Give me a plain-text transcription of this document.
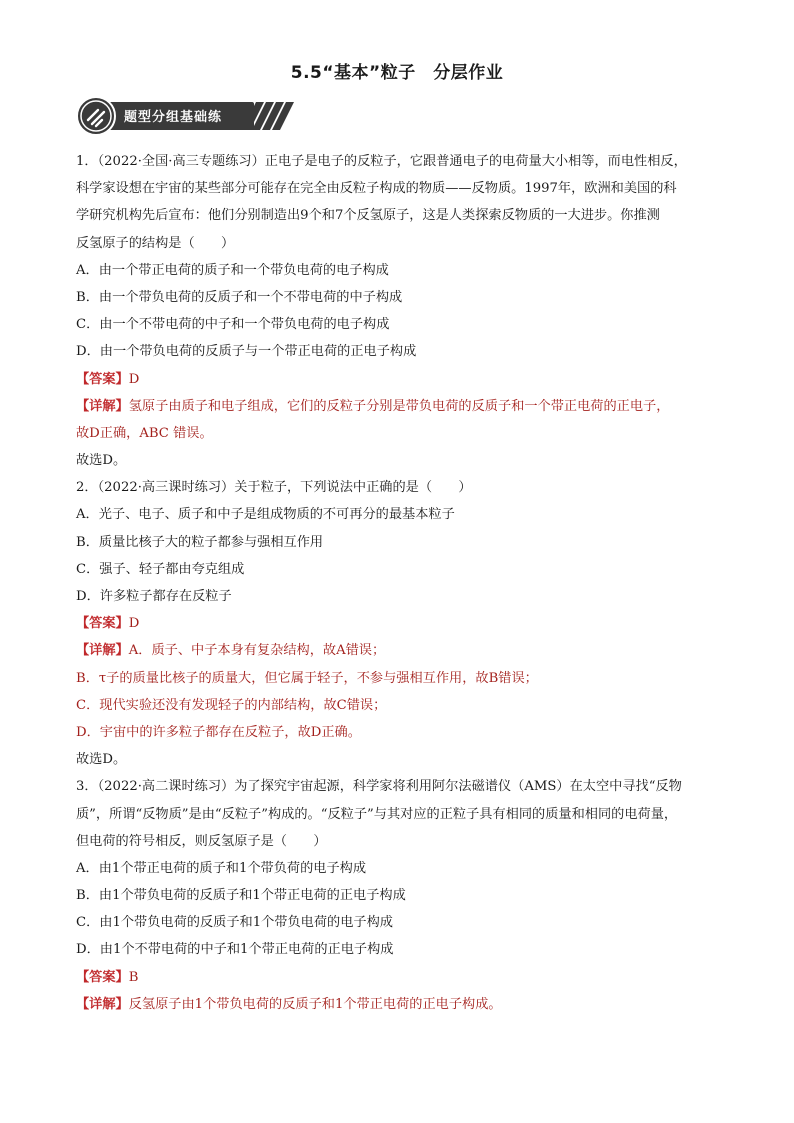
5.5“基本”粒子　分层作业
题型分组基础练
1．（2022·全国·高三专题练习）正电子是电子的反粒子，它跟普通电子的电荷量大小相等，而电性相反，
科学家设想在宇宙的某些部分可能存在完全由反粒子构成的物质——反物质。1997年，欧洲和美国的科
学研究机构先后宣布：他们分别制造出9个和7个反氢原子，这是人类探索反物质的一大进步。你推测
反氢原子的结构是（　　）
A．由一个带正电荷的质子和一个带负电荷的电子构成
B．由一个带负电荷的反质子和一个不带电荷的中子构成
C．由一个不带电荷的中子和一个带负电荷的电子构成
D．由一个带负电荷的反质子与一个带正电荷的正电子构成
【答案】D
【详解】氢原子由质子和电子组成，它们的反粒子分别是带负电荷的反质子和一个带正电荷的正电子，
故D正确，ABC 错误。
故选D。
2．（2022·高三课时练习）关于粒子，下列说法中正确的是（　　）
A．光子、电子、质子和中子是组成物质的不可再分的最基本粒子
B．质量比核子大的粒子都参与强相互作用
C．强子、轻子都由夸克组成
D．许多粒子都存在反粒子
【答案】D
【详解】A．质子、中子本身有复杂结构，故A错误；
B．τ子的质量比核子的质量大，但它属于轻子，不参与强相互作用，故B错误；
C．现代实验还没有发现轻子的内部结构，故C错误；
D．宇宙中的许多粒子都存在反粒子，故D正确。
故选D。
3．（2022·高二课时练习）为了探究宇宙起源，科学家将利用阿尔法磁谱仪（AMS）在太空中寻找“反物
质”，所谓“反物质”是由“反粒子”构成的。“反粒子”与其对应的正粒子具有相同的质量和相同的电荷量，
但电荷的符号相反，则反氢原子是（　　）
A．由1个带正电荷的质子和1个带负荷的电子构成
B．由1个带负电荷的反质子和1个带正电荷的正电子构成
C．由1个带负电荷的反质子和1个带负电荷的电子构成
D．由1个不带电荷的中子和1个带正电荷的正电子构成
【答案】B
【详解】反氢原子由1个带负电荷的反质子和1个带正电荷的正电子构成。
